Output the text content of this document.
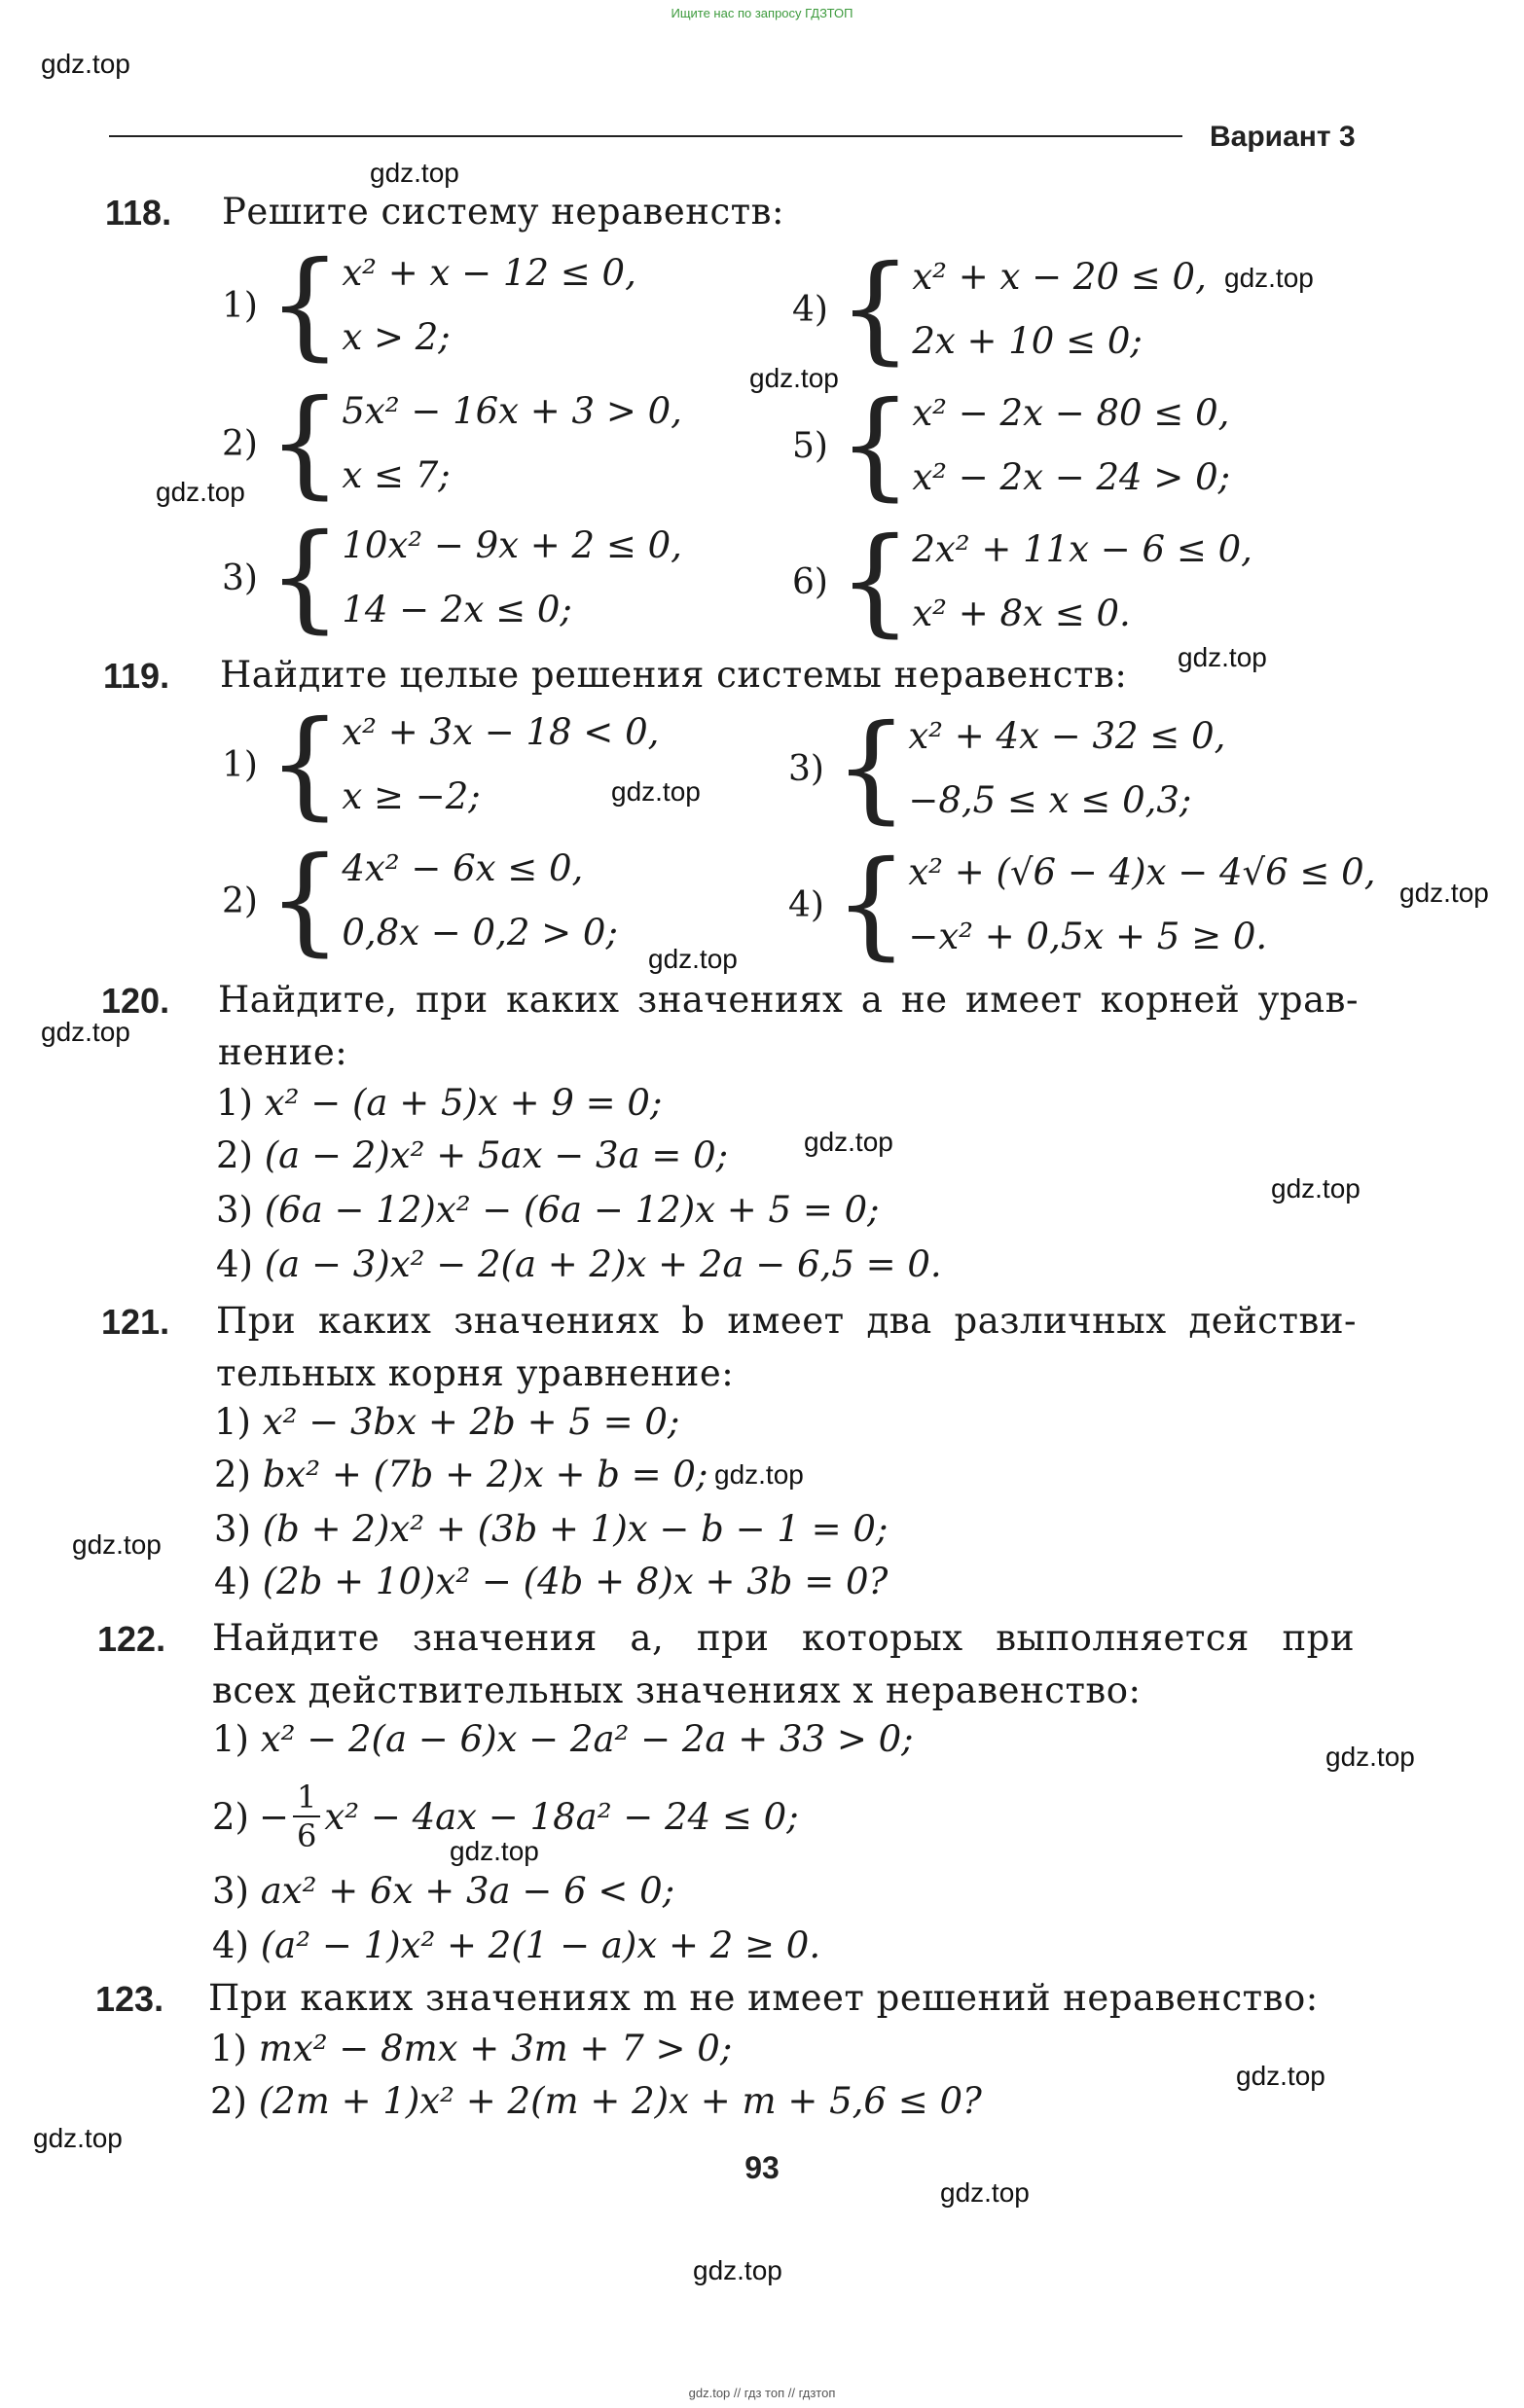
Ищите нас по запросу ГДЗТОП
Вариант 3
gdz.top
gdz.top
gdz.top
gdz.top
gdz.top
gdz.top
gdz.top
gdz.top
gdz.top
gdz.top
gdz.top
gdz.top
gdz.top
gdz.top
gdz.top
gdz.top
gdz.top
gdz.top
gdz.top
gdz.top
118. Решите систему неравенств:
1) { x² + x − 12 ≤ 0,
x > 2;
2) { 5x² − 16x + 3 > 0,
x ≤ 7;
3) { 10x² − 9x + 2 ≤ 0,
14 − 2x ≤ 0;
4) { x² + x − 20 ≤ 0,
2x + 10 ≤ 0;
5) { x² − 2x − 80 ≤ 0,
x² − 2x − 24 > 0;
6) { 2x² + 11x − 6 ≤ 0,
x² + 8x ≤ 0.
119. Найдите целые решения системы неравенств:
1) { x² + 3x − 18 < 0,
x ≥ −2;
2) { 4x² − 6x ≤ 0,
0,8x − 0,2 > 0;
3) { x² + 4x − 32 ≤ 0,
−8,5 ≤ x ≤ 0,3;
4) { x² + (√6 − 4)x − 4√6 ≤ 0,
−x² + 0,5x + 5 ≥ 0.
120. Найдите, при каких значениях a не имеет корней урав-
нение:
1) x² − (a + 5)x + 9 = 0;
2) (a − 2)x² + 5ax − 3a = 0;
3) (6a − 12)x² − (6a − 12)x + 5 = 0;
4) (a − 3)x² − 2(a + 2)x + 2a − 6,5 = 0.
121. При каких значениях b имеет два различных действи-
тельных корня уравнение:
1) x² − 3bx + 2b + 5 = 0;
2) bx² + (7b + 2)x + b = 0;
3) (b + 2)x² + (3b + 1)x − b − 1 = 0;
4) (2b + 10)x² − (4b + 8)x + 3b = 0?
122. Найдите значения a, при которых выполняется при
всех действительных значениях x неравенство:
1) x² − 2(a − 6)x − 2a² − 2a + 33 > 0;
$2) - \frac{1}{6} x^2 - 4ax - 18a^2 - 24 \le 0$;
3) ax² + 6x + 3a − 6 < 0;
4) (a² − 1)x² + 2(1 − a)x + 2 ≥ 0.
123. При каких значениях m не имеет решений неравенство:
1) mx² − 8mx + 3m + 7 > 0;
2) (2m + 1)x² + 2(m + 2)x + m + 5,6 ≤ 0?
93
gdz.top // гдз топ // гдзтоп
